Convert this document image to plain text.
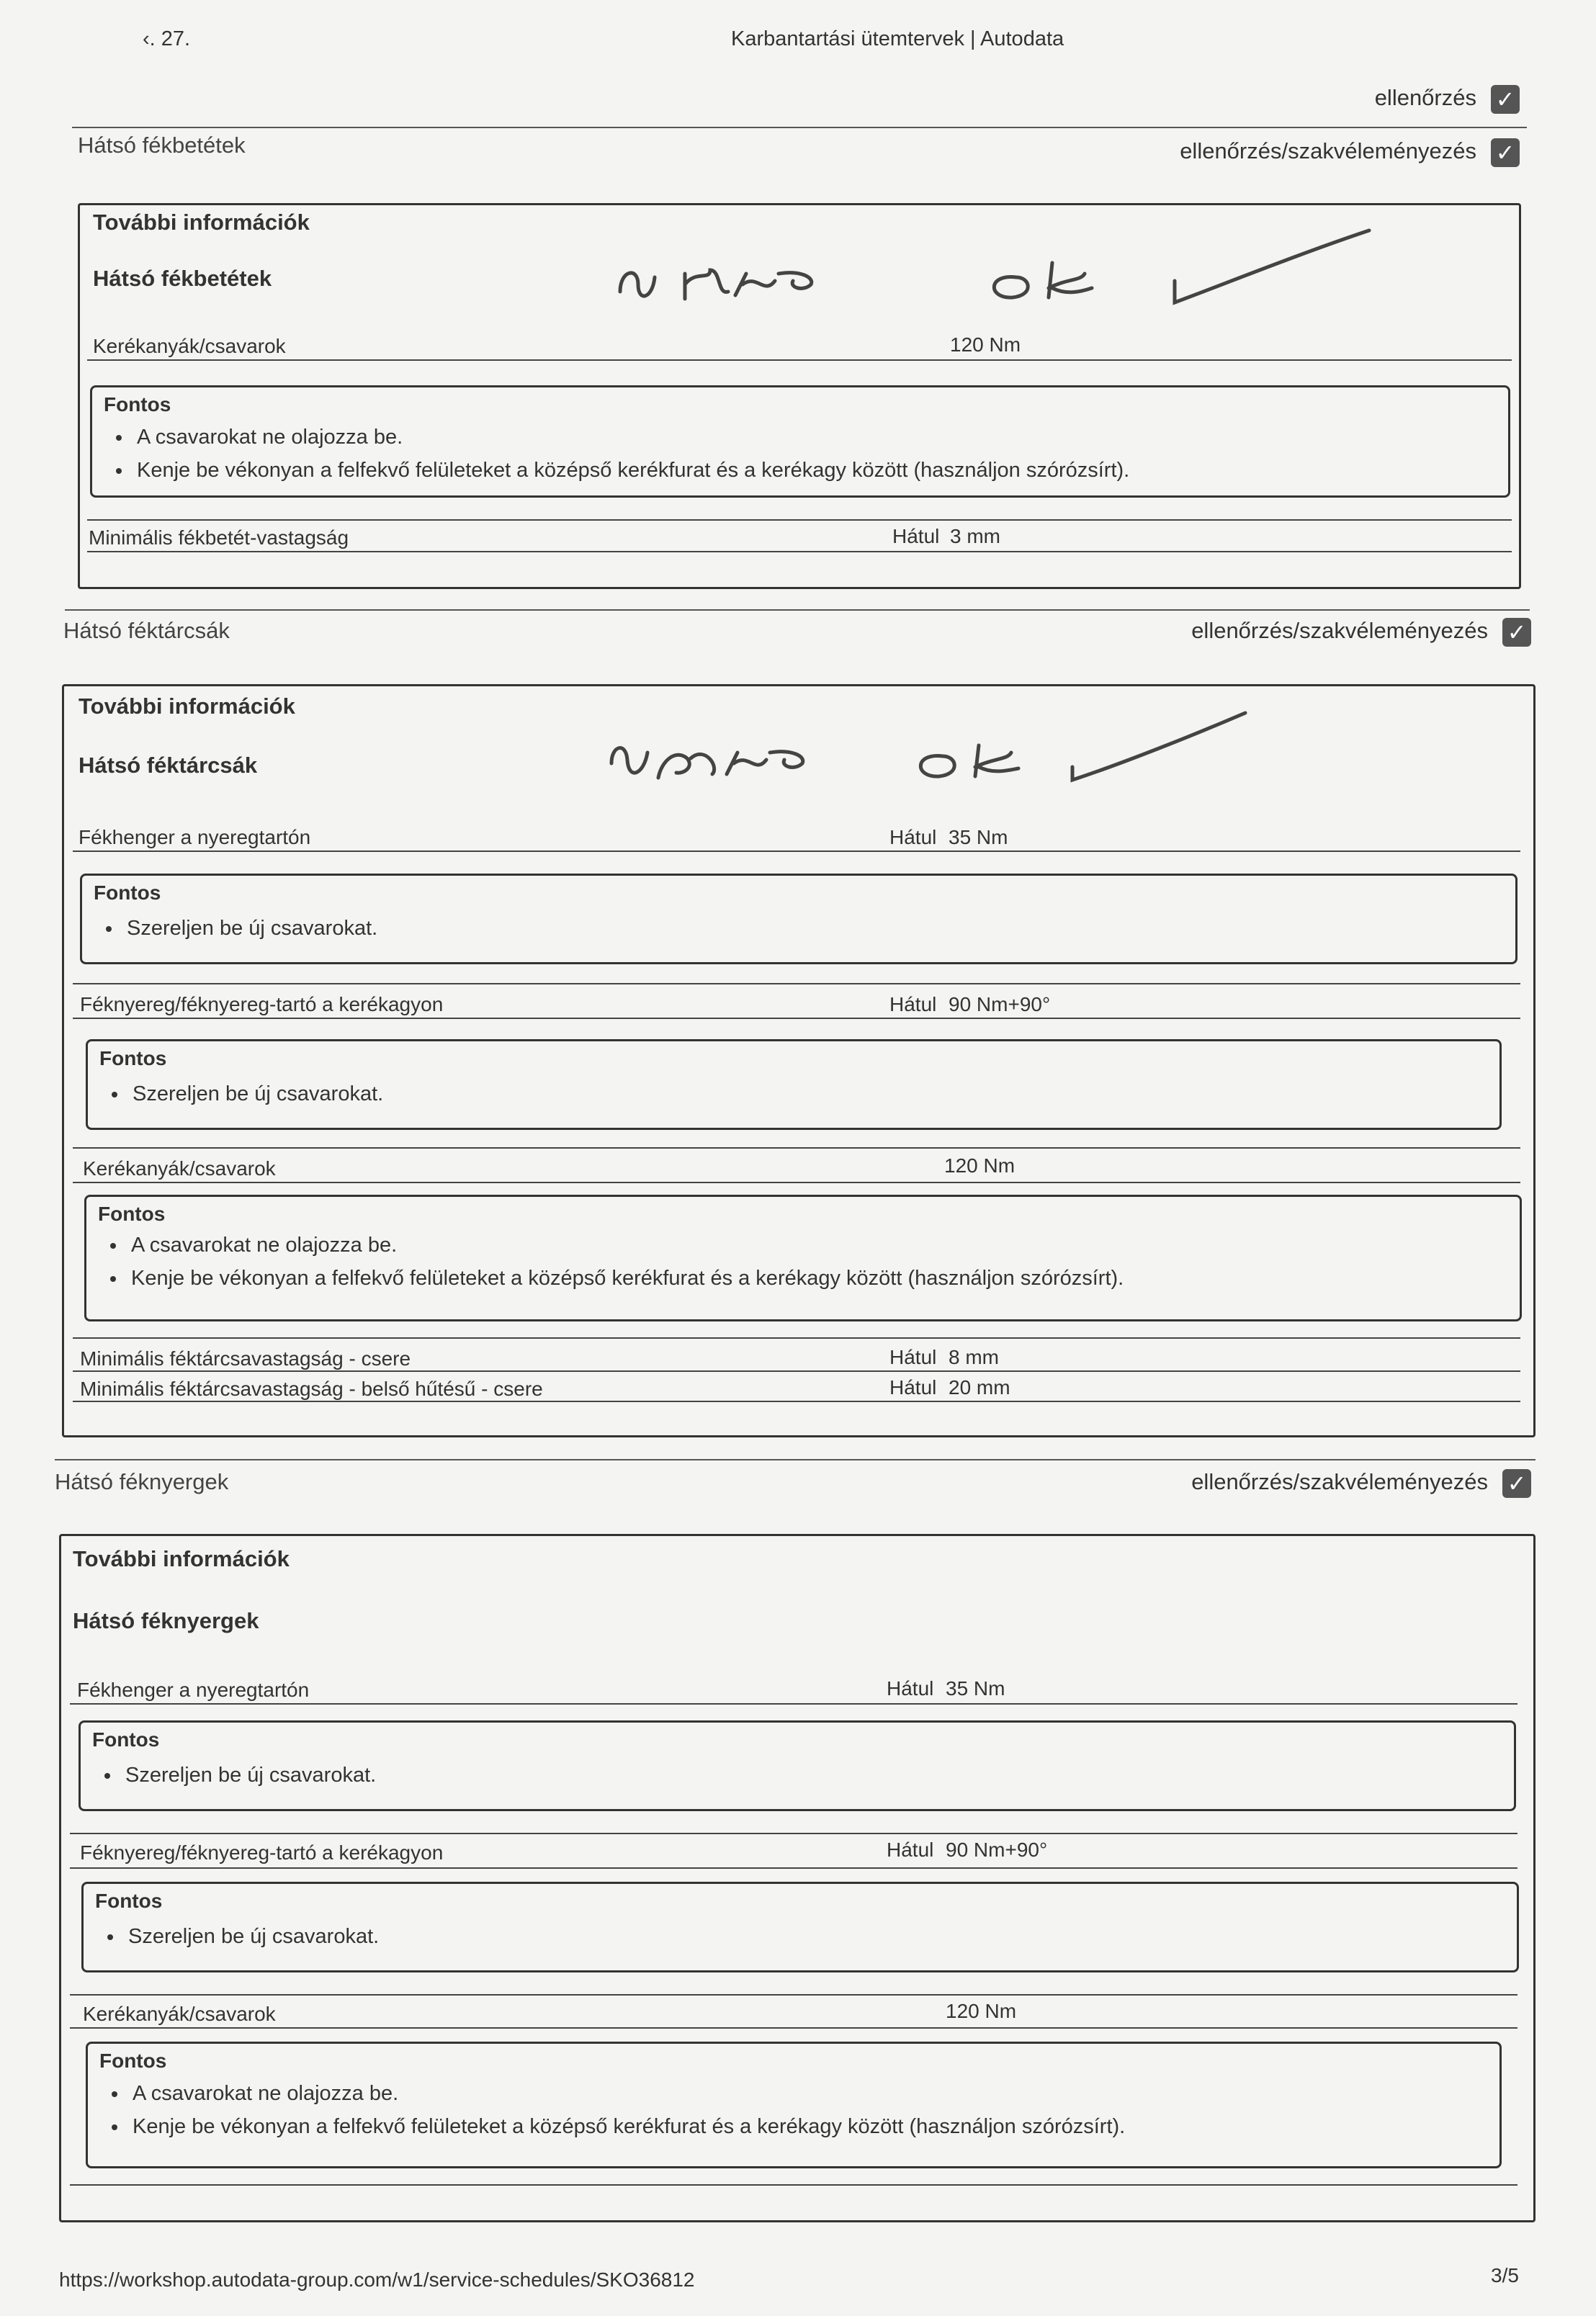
‹. 27.	Karbantartási ütemtervek | Autodata
ellenőrzés ✓
Hátsó fékbetétek	ellenőrzés/szakvéleményezés ✓
További információk
Hátsó fékbetétek
Kerékanyák/csavarok	120 Nm
Fontos
• A csavarokat ne olajozza be.
• Kenje be vékonyan a felfekvő felületeket a középső kerékfurat és a kerékagy között (használjon szórózsírt).
Minimális fékbetét-vastagság	Hátul 3 mm
Hátsó féktárcsák	ellenőrzés/szakvéleményezés ✓
További információk
Hátsó féktárcsák
Fékhenger a nyeregtartón	Hátul 35 Nm
Fontos
• Szereljen be új csavarokat.
Féknyereg/féknyereg-tartó a kerékagyon	Hátul 90 Nm+90°
Fontos
• Szereljen be új csavarokat.
Kerékanyák/csavarok	120 Nm
Fontos
• A csavarokat ne olajozza be.
• Kenje be vékonyan a felfekvő felületeket a középső kerékfurat és a kerékagy között (használjon szórózsírt).
Minimális féktárcsavastagság - csere	Hátul 8 mm
Minimális féktárcsavastagság - belső hűtésű - csere	Hátul 20 mm
Hátsó féknyergek	ellenőrzés/szakvéleményezés ✓
További információk
Hátsó féknyergek
Fékhenger a nyeregtartón	Hátul 35 Nm
Fontos
• Szereljen be új csavarokat.
Féknyereg/féknyereg-tartó a kerékagyon	Hátul 90 Nm+90°
Fontos
• Szereljen be új csavarokat.
Kerékanyák/csavarok	120 Nm
Fontos
• A csavarokat ne olajozza be.
• Kenje be vékonyan a felfekvő felületeket a középső kerékfurat és a kerékagy között (használjon szórózsírt).
https://workshop.autodata-group.com/w1/service-schedules/SKO36812	3/5
